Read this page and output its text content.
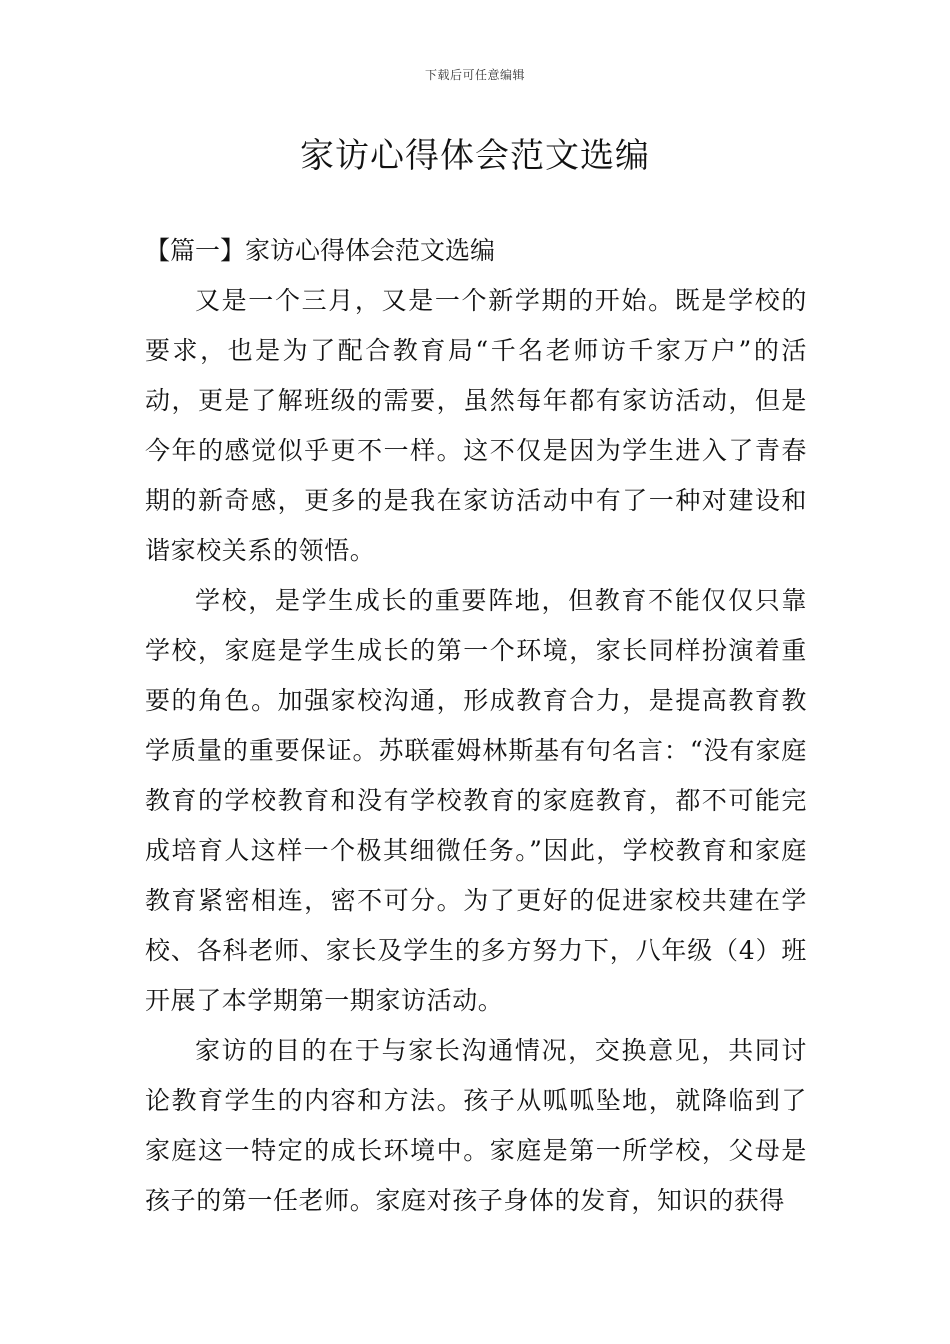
下载后可任意编辑
家访心得体会范文选编

【篇一】家访心得体会范文选编

又是一个三月，又是一个新学期的开始。既是学校的要求，也是为了配合教育局“千名老师访千家万户”的活动，更是了解班级的需要，虽然每年都有家访活动，但是今年的感觉似乎更不一样。这不仅是因为学生进入了青春期的新奇感，更多的是我在家访活动中有了一种对建设和谐家校关系的领悟。

学校，是学生成长的重要阵地，但教育不能仅仅只靠学校，家庭是学生成长的第一个环境，家长同样扮演着重要的角色。加强家校沟通，形成教育合力，是提高教育教学质量的重要保证。苏联霍姆林斯基有句名言：“没有家庭教育的学校教育和没有学校教育的家庭教育，都不可能完成培育人这样一个极其细微任务。”因此，学校教育和家庭教育紧密相连，密不可分。为了更好的促进家校共建在学校、各科老师、家长及学生的多方努力下，八年级（4）班开展了本学期第一期家访活动。

家访的目的在于与家长沟通情况，交换意见，共同讨论教育学生的内容和方法。孩子从呱呱坠地，就降临到了家庭这一特定的成长环境中。家庭是第一所学校，父母是孩子的第一任老师。家庭对孩子身体的发育，知识的获得
